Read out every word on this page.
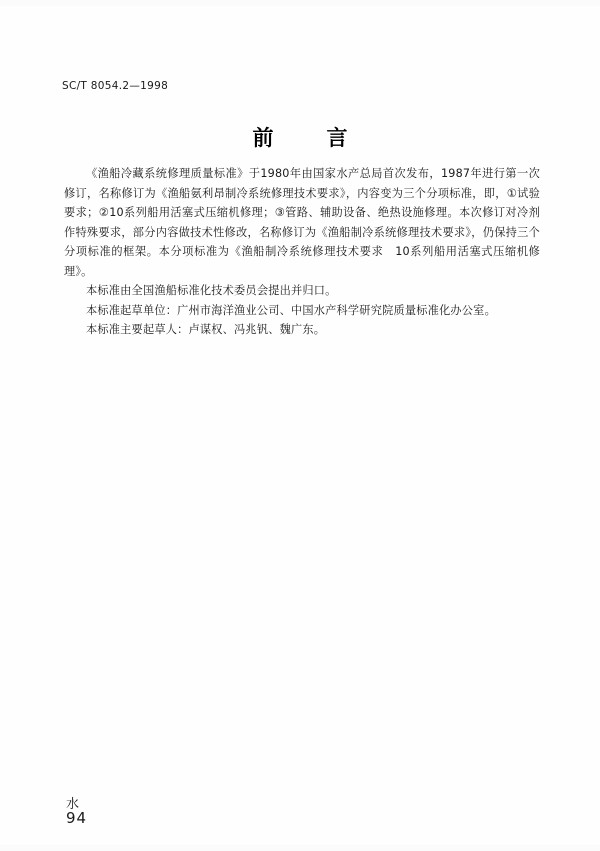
SC/T 8054.2—1998
前　言

《渔船冷藏系统修理质量标准》于1980年由国家水产总局首次发布，1987年进行第一次修订，名称修订为《渔船氨利昂制冷系统修理技术要求》，内容变为三个分项标准，即，①试验要求；②10系列船用活塞式压缩机修理；③管路、辅助设备、绝热设施修理。本次修订对冷剂作特殊要求，部分内容做技术性修改，名称修订为《渔船制冷系统修理技术要求》，仍保持三个分项标准的框架。本分项标准为《渔船制冷系统修理技术要求　10系列船用活塞式压缩机修理》。

本标准由全国渔船标准化技术委员会提出并归口。

本标准起草单位：广州市海洋渔业公司、中国水产科学研究院质量标准化办公室。

本标准主要起草人：卢谋权、冯兆钒、魏广东。

水
94
